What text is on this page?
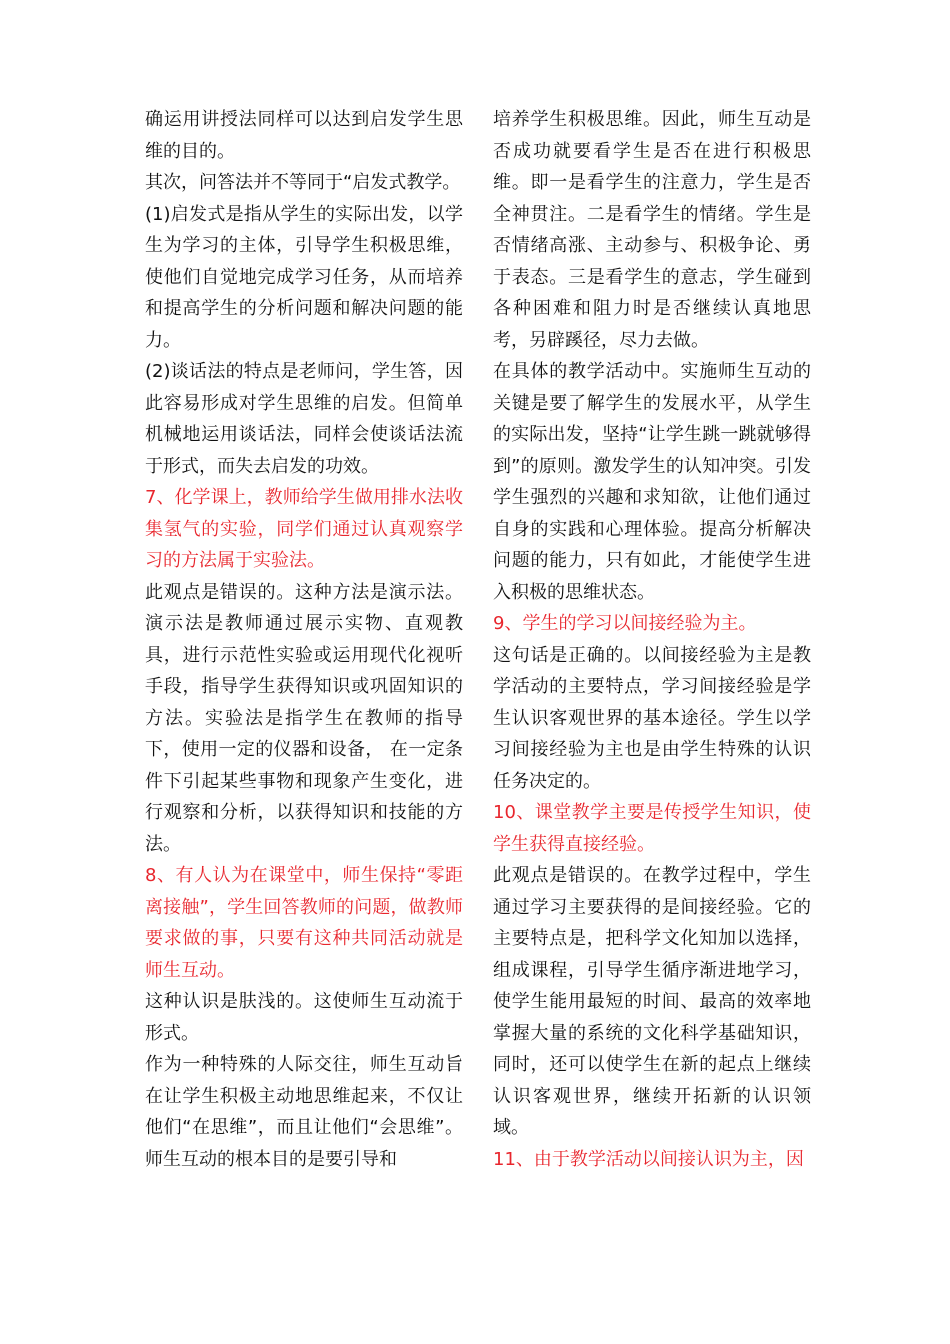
确运用讲授法同样可以达到启发学生思维的目的。

其次，问答法并不等同于“启发式教学。

(1)启发式是指从学生的实际出发，以学生为学习的主体，引导学生积极思维，使他们自觉地完成学习任务，从而培养和提高学生的分析问题和解决问题的能力。

(2)谈话法的特点是老师问，学生答，因此容易形成对学生思维的启发。但简单机械地运用谈话法，同样会使谈话法流于形式，而失去启发的功效。

7、化学课上，教师给学生做用排水法收集氢气的实验，同学们通过认真观察学习的方法属于实验法。

此观点是错误的。这种方法是演示法。演示法是教师通过展示实物、直观教具，进行示范性实验或运用现代化视听手段，指导学生获得知识或巩固知识的方法。实验法是指学生在教师的指导下，使用一定的仪器和设备， 在一定条件下引起某些事物和现象产生变化，进行观察和分析，以获得知识和技能的方法。

8、有人认为在课堂中，师生保持“零距离接触”，学生回答教师的问题，做教师要求做的事，只要有这种共同活动就是师生互动。

这种认识是肤浅的。这使师生互动流于形式。

作为一种特殊的人际交往，师生互动旨在让学生积极主动地思维起来，不仅让他们“在思维”，而且让他们“会思维”。师生互动的根本目的是要引导和

培养学生积极思维。因此，师生互动是否成功就要看学生是否在进行积极思维。即一是看学生的注意力，学生是否全神贯注。二是看学生的情绪。学生是否情绪高涨、主动参与、积极争论、勇于表态。三是看学生的意志，学生碰到各种困难和阻力时是否继续认真地思考，另辟蹊径，尽力去做。

在具体的教学活动中。实施师生互动的关键是要了解学生的发展水平，从学生的实际出发，坚持“让学生跳一跳就够得到”的原则。激发学生的认知冲突。引发学生强烈的兴趣和求知欲，让他们通过自身的实践和心理体验。提高分析解决问题的能力，只有如此，才能使学生进入积极的思维状态。

9、学生的学习以间接经验为主。

这句话是正确的。以间接经验为主是教学活动的主要特点，学习间接经验是学生认识客观世界的基本途径。学生以学习间接经验为主也是由学生特殊的认识任务决定的。

10、课堂教学主要是传授学生知识，使学生获得直接经验。

此观点是错误的。在教学过程中，学生通过学习主要获得的是间接经验。它的主要特点是，把科学文化知加以选择，组成课程，引导学生循序渐进地学习，使学生能用最短的时间、最高的效率地掌握大量的系统的文化科学基础知识，同时，还可以使学生在新的起点上继续认识客观世界，继续开拓新的认识领域。

11、由于教学活动以间接认识为主，因
